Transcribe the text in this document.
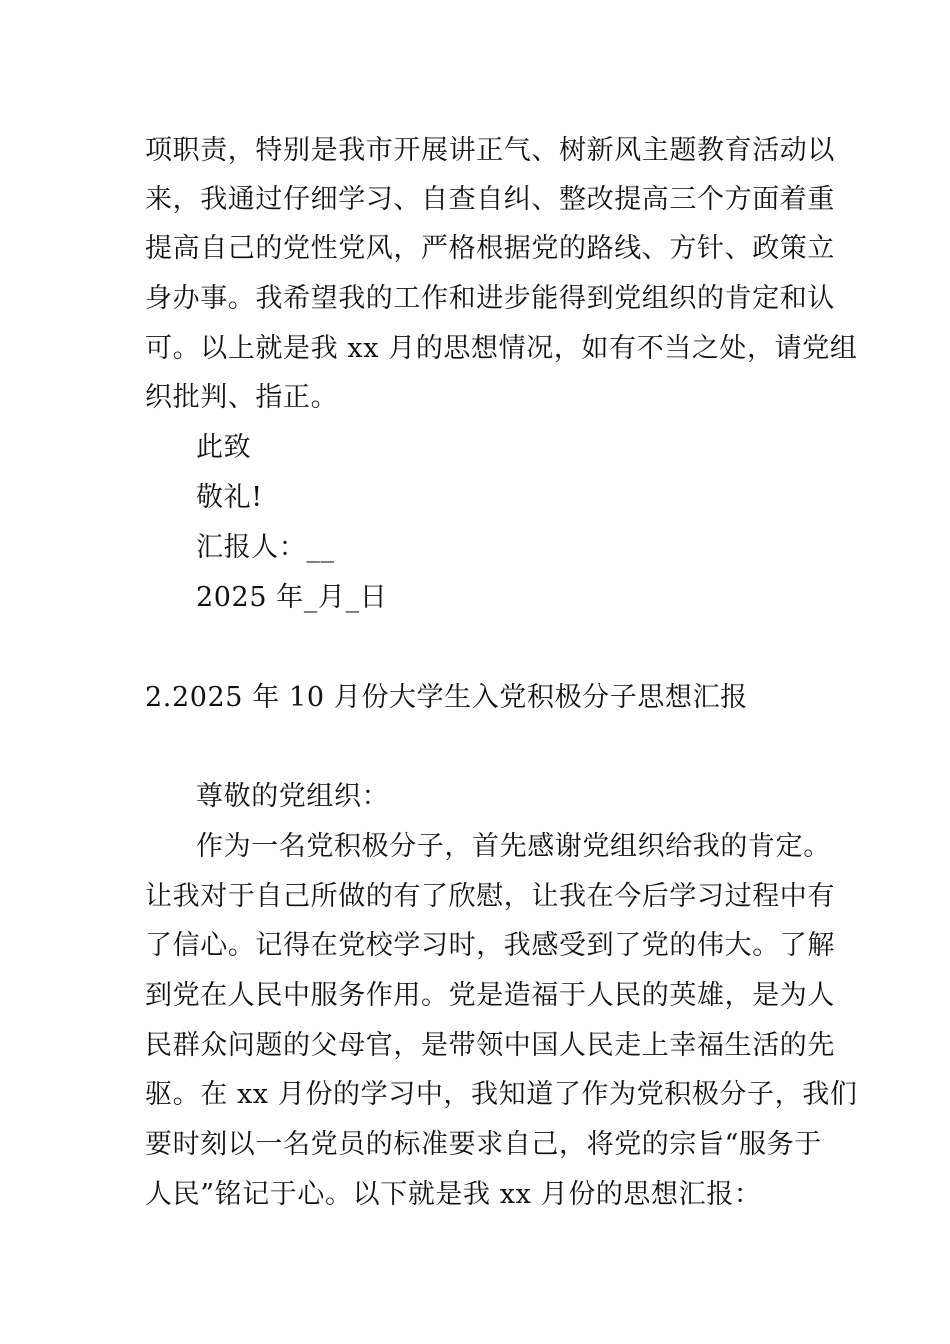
项职责，特别是我市开展讲正气、树新风主题教育活动以
来，我通过仔细学习、自查自纠、整改提高三个方面着重
提高自己的党性党风，严格根据党的路线、方针、政策立
身办事。我希望我的工作和进步能得到党组织的肯定和认
可。以上就是我 xx 月的思想情况，如有不当之处，请党组
织批判、指正。
此致
敬礼!
汇报人：__
2025 年_月_日
2.2025 年 10 月份大学生入党积极分子思想汇报
尊敬的党组织：
作为一名党积极分子，首先感谢党组织给我的肯定。
让我对于自己所做的有了欣慰，让我在今后学习过程中有
了信心。记得在党校学习时，我感受到了党的伟大。了解
到党在人民中服务作用。党是造福于人民的英雄，是为人
民群众问题的父母官，是带领中国人民走上幸福生活的先
驱。在 xx 月份的学习中，我知道了作为党积极分子，我们
要时刻以一名党员的标准要求自己，将党的宗旨“服务于
人民”铭记于心。以下就是我 xx 月份的思想汇报：
